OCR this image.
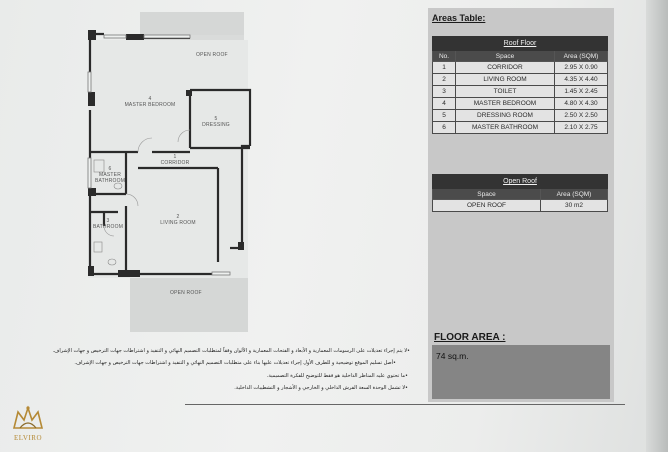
OPEN ROOF
4
MASTER BEDROOM
5
DRESSING
1
CORRIDOR
6
MASTER
BATHROOM
2
LIVING ROOM
3
BATHROOM
OPEN ROOF
•لا يتم إجراء تعديلات على الرسومات المعمارية و الأبعاد و الفتحات المعمارية و الألوان وفقاً لمتطلبات التصميم النهائي و التنفيذ و اشتراطات جهات الترخيص و جهات الإشراف.
•أصل تسليم الموقع توضيحية و للطرف الأول إجراء تعديلات عليها بناء على متطلبات التصميم النهائي و التنفيذ و اشتراطات جهات الترخيص و جهات الإشراف.
•ما تحتوي عليه المناظر الداخلية هو فقط للتوضيح للفكرة التصميمية.
•لا تشمل الوحدة السعة الفرش الداخلي و الخارجي و الأشجار و التشطيبات الداخلية.
Areas Table:
Roof Floor		
No.	Space	Area (SQM)
1	CORRIDOR	2.95 X 0.90
2	LIVING ROOM	4.35 X 4.40
3	TOILET	1.45 X 2.45
4	MASTER BEDROOM	4.80 X 4.30
5	DRESSING ROOM	2.50 X 2.50
6	MASTER BATHROOM	2.10 X 2.75
Open Roof	
Space	Area (SQM)
OPEN ROOF	30 m2
FLOOR AREA :
74 sq.m.
ELVIRO
